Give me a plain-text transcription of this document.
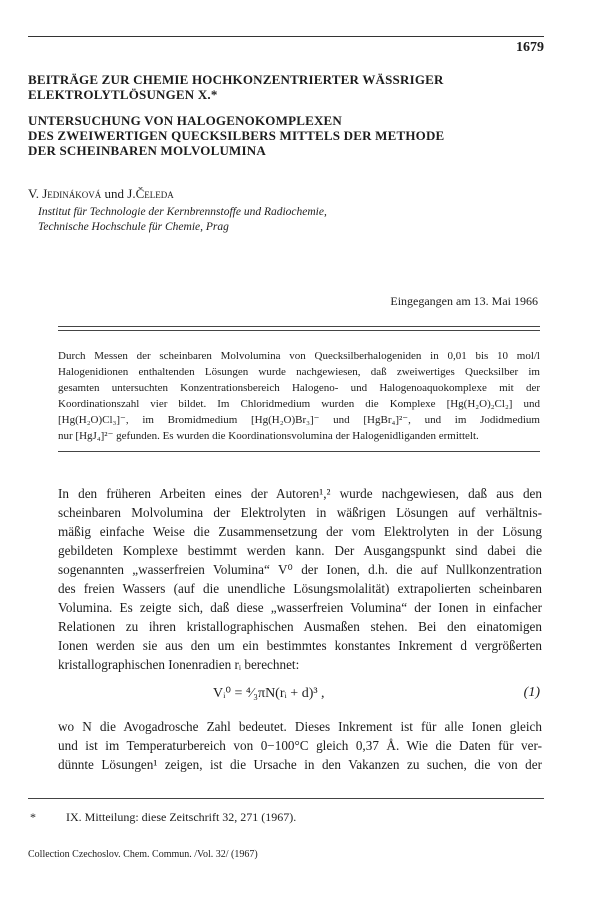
1679
BEITRÄGE ZUR CHEMIE HOCHKONZENTRIERTER WÄSSRIGER
ELEKTROLYTLÖSUNGEN X.*
UNTERSUCHUNG VON HALOGENOKOMPLEXEN
DES ZWEIWERTIGEN QUECKSILBERS MITTELS DER METHODE
DER SCHEINBAREN MOLVOLUMINA
V. Jedináková und J.Čeleda
Institut für Technologie der Kernbrennstoffe und Radiochemie,
Technische Hochschule für Chemie, Prag
Eingegangen am 13. Mai 1966
Durch Messen der scheinbaren Molvolumina von Quecksilberhalogeniden in 0,01 bis 10 mol/l
Halogenidionen enthaltenden Lösungen wurde nachgewiesen, daß zweiwertiges Quecksilber im
gesamten untersuchten Konzentrationsbereich Halogeno- und Halogenoaquokomplexe mit der
Koordinationszahl vier bildet. Im Chloridmedium wurden die Komplexe [Hg(H₂O)₂Cl₂] und
[Hg(H₂O)Cl₃]⁻, im Bromidmedium [Hg(H₂O)Br₃]⁻ und [HgBr₄]²⁻, und im Jodidmedium
nur [HgJ₄]²⁻ gefunden. Es wurden die Koordinationsvolumina der Halogenidliganden ermittelt.
In den früheren Arbeiten eines der Autoren¹,² wurde nachgewiesen, daß aus den
scheinbaren Molvolumina der Elektrolyten in wäßrigen Lösungen auf verhältnis-
mäßig einfache Weise die Zusammensetzung der vom Elektrolyten in der Lösung
gebildeten Komplexe bestimmt werden kann. Der Ausgangspunkt sind dabei die
sogenannten „wasserfreien Volumina“ V⁰ der Ionen, d.h. die auf Nullkonzentration
des freien Wassers (auf die unendliche Lösungsmolalität) extrapolierten scheinbaren
Volumina. Es zeigte sich, daß diese „wasserfreien Volumina“ der Ionen in einfacher
Relationen zu ihren kristallographischen Ausmaßen stehen. Bei den einatomigen
Ionen werden sie aus den um ein bestimmtes konstantes Inkrement d vergrößerten
kristallographischen Ionenradien rᵢ berechnet:
Vᵢ⁰ = ⁴⁄₃πN(rᵢ + d)³ ,	(1)
wo N die Avogadrosche Zahl bedeutet. Dieses Inkrement ist für alle Ionen gleich
und ist im Temperaturbereich von 0−100°C gleich 0,37 Å. Wie die Daten für ver-
dünnte Lösungen¹ zeigen, ist die Ursache in den Vakanzen zu suchen, die von der
*	IX. Mitteilung: diese Zeitschrift 32, 271 (1967).
Collection Czechoslov. Chem. Commun. /Vol. 32/ (1967)
